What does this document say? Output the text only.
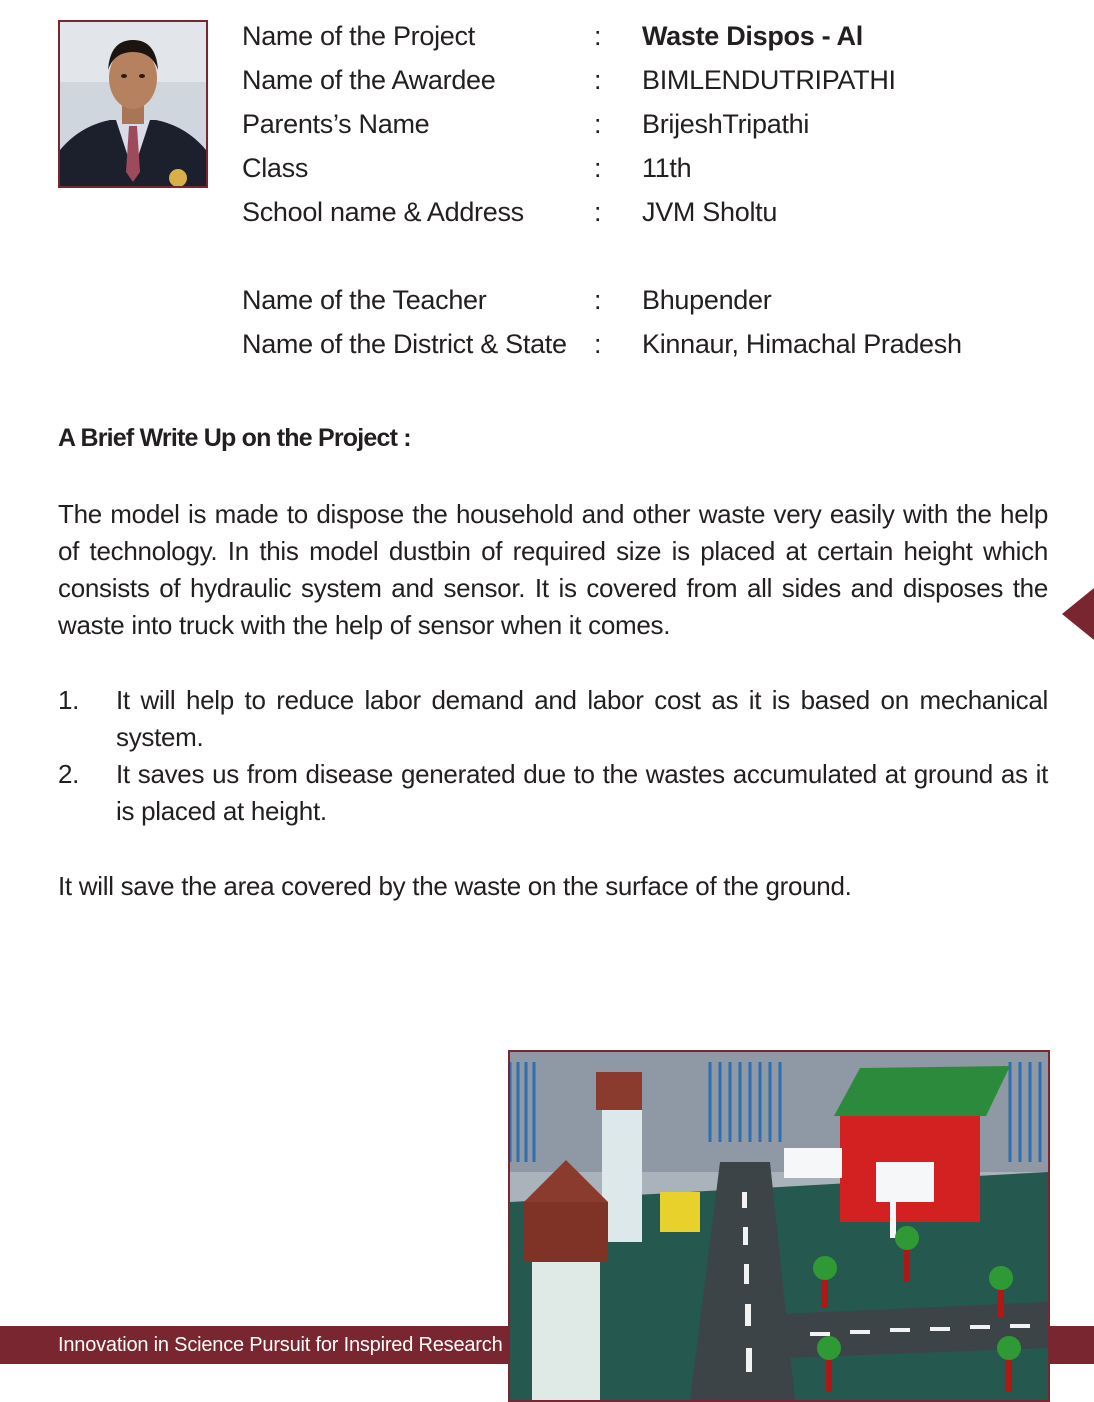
Name of the Project	:	Waste Dispos - Al
Name of the Awardee	:	BIMLENDUTRIPATHI
Parents’s Name	:	BrijeshTripathi
Class	:	11th
School name & Address	:	JVM Sholtu
Name of the Teacher	:	Bhupender
Name of the District & State	:	Kinnaur, Himachal Pradesh
A Brief Write Up on the Project :

The model is made to dispose the household and other waste very easily with the help of technology. In this model dustbin of required size is placed at certain height which consists of hydraulic system and sensor. It is covered from all sides and disposes the waste into truck with the help of sensor when it comes.

1.	It will help to reduce labor demand and labor cost as it is based on mechanical system.
2.	It saves us from disease generated due to the wastes accumulated at ground as it is placed at height.

It will save the area covered by the waste on the surface of the ground.

Innovation in Science Pursuit for Inspired Research
